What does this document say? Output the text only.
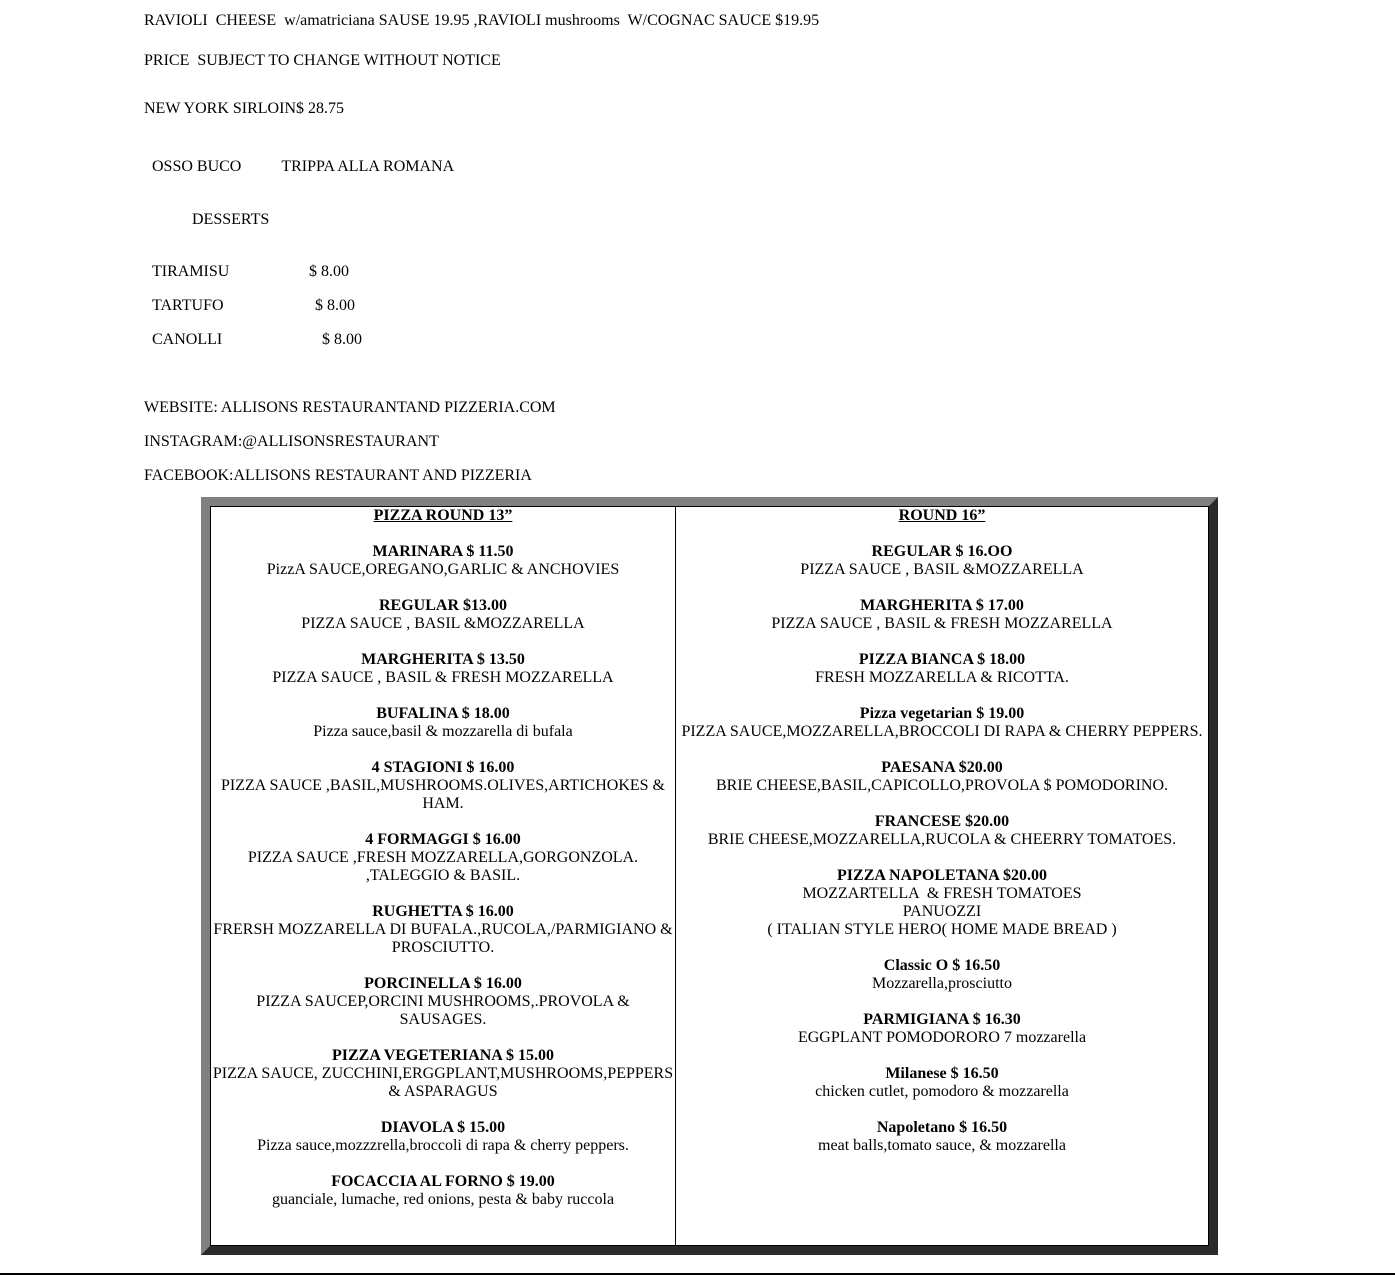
RAVIOLI  CHEESE  w/amatriciana SAUSE 19.95 ,RAVIOLI mushrooms  W/COGNAC SAUCE $19.95
PRICE  SUBJECT TO CHANGE WITHOUT NOTICE
NEW YORK SIRLOIN$ 28.75

OSSO BUCO	TRIPPA ALLA ROMANA

DESSERTS

TIRAMISU	$ 8.00

TARTUFO	$ 8.00

CANOLLI	$ 8.00

WEBSITE: ALLISONS RESTAURANTAND PIZZERIA.COM
INSTAGRAM:@ALLISONSRESTAURANT
FACEBOOK:ALLISONS RESTAURANT AND PIZZERIA
PIZZA ROUND 13”
MARINARA $ 11.50
PizzA SAUCE,OREGANO,GARLIC & ANCHOVIES
REGULAR $13.00
PIZZA SAUCE , BASIL &MOZZARELLA
MARGHERITA $ 13.50
PIZZA SAUCE , BASIL & FRESH MOZZARELLA
BUFALINA $ 18.00
Pizza sauce,basil & mozzarella di bufala
4 STAGIONI $ 16.00
PIZZA SAUCE ,BASIL,MUSHROOMS.OLIVES,ARTICHOKES & HAM.
4 FORMAGGI $ 16.00
PIZZA SAUCE ,FRESH MOZZARELLA,GORGONZOLA. ,TALEGGIO & BASIL.
RUGHETTA $ 16.00
FRERSH MOZZARELLA DI BUFALA.,RUCOLA,/PARMIGIANO & PROSCIUTTO.
PORCINELLA $ 16.00
PIZZA SAUCEP,ORCINI MUSHROOMS,.PROVOLA & SAUSAGES.
PIZZA VEGETERIANA $ 15.00
PIZZA SAUCE, ZUCCHINI,ERGGPLANT,MUSHROOMS,PEPPERS & ASPARAGUS
DIAVOLA $ 15.00
Pizza sauce,mozzzrella,broccoli di rapa & cherry peppers.
FOCACCIA AL FORNO $ 19.00
guanciale, lumache, red onions, pesta & baby ruccola
ROUND 16”
REGULAR $ 16.OO
PIZZA SAUCE , BASIL &MOZZARELLA
MARGHERITA $ 17.00
PIZZA SAUCE , BASIL & FRESH MOZZARELLA
PIZZA BIANCA $ 18.00
FRESH MOZZARELLA & RICOTTA.
Pizza vegetarian $ 19.00
PIZZA SAUCE,MOZZARELLA,BROCCOLI DI RAPA & CHERRY PEPPERS.
PAESANA $20.00
BRIE CHEESE,BASIL,CAPICOLLO,PROVOLA $ POMODORINO.
FRANCESE $20.00
BRIE CHEESE,MOZZARELLA,RUCOLA & CHEERRY TOMATOES.
PIZZA NAPOLETANA $20.00
MOZZARTELLA  & FRESH TOMATOES
PANUOZZI
( ITALIAN STYLE HERO( HOME MADE BREAD )
Classic O $ 16.50
Mozzarella,prosciutto
PARMIGIANA $ 16.30
EGGPLANT POMODORORO 7 mozzarella
Milanese $ 16.50
chicken cutlet, pomodoro & mozzarella
Napoletano $ 16.50
meat balls,tomato sauce, & mozzarella
